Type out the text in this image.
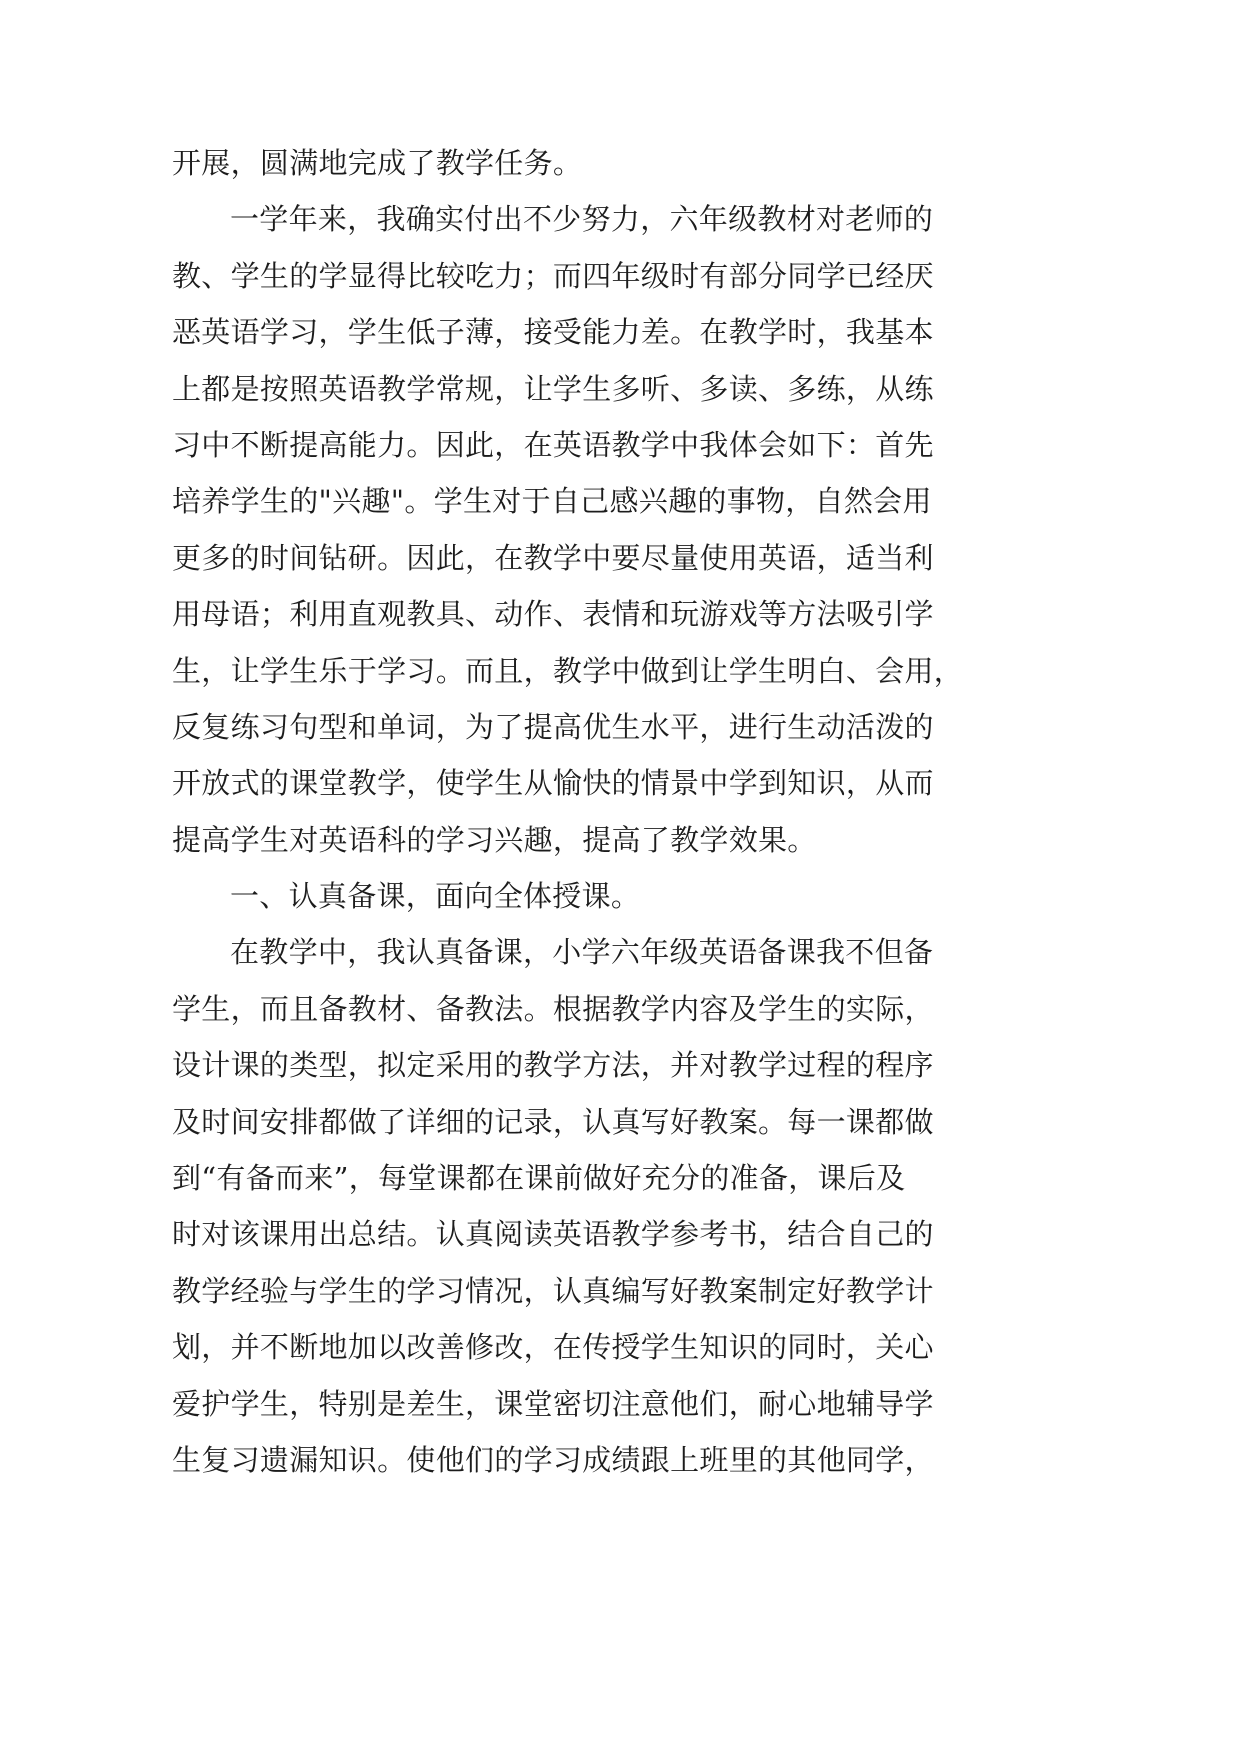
开展，圆满地完成了教学任务。
一学年来，我确实付出不少努力，六年级教材对老师的
教、学生的学显得比较吃力；而四年级时有部分同学已经厌
恶英语学习，学生低子薄，接受能力差。在教学时，我基本
上都是按照英语教学常规，让学生多听、多读、多练，从练
习中不断提高能力。因此，在英语教学中我体会如下：首先
培养学生的"兴趣"。学生对于自己感兴趣的事物，自然会用
更多的时间钻研。因此，在教学中要尽量使用英语，适当利
用母语；利用直观教具、动作、表情和玩游戏等方法吸引学
生，让学生乐于学习。而且，教学中做到让学生明白、会用，
反复练习句型和单词，为了提高优生水平，进行生动活泼的
开放式的课堂教学，使学生从愉快的情景中学到知识，从而
提高学生对英语科的学习兴趣，提高了教学效果。
一、认真备课，面向全体授课。
在教学中，我认真备课，小学六年级英语备课我不但备
学生，而且备教材、备教法。根据教学内容及学生的实际，
设计课的类型，拟定采用的教学方法，并对教学过程的程序
及时间安排都做了详细的记录，认真写好教案。每一课都做
到“有备而来”，每堂课都在课前做好充分的准备，课后及
时对该课用出总结。认真阅读英语教学参考书，结合自己的
教学经验与学生的学习情况，认真编写好教案制定好教学计
划，并不断地加以改善修改，在传授学生知识的同时，关心
爱护学生，特别是差生，课堂密切注意他们，耐心地辅导学
生复习遗漏知识。使他们的学习成绩跟上班里的其他同学，
